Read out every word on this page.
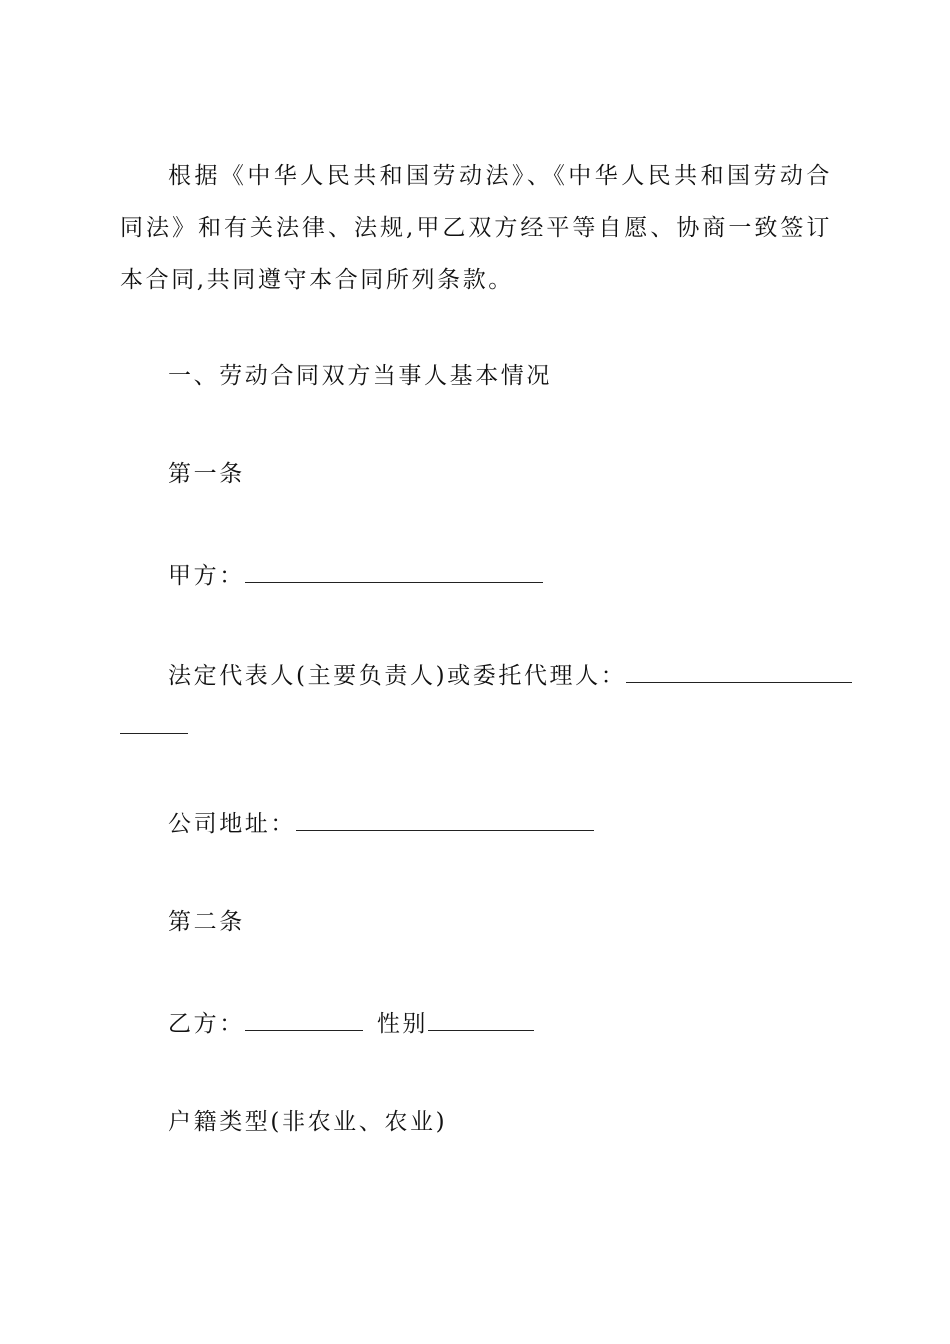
根据《中华人民共和国劳动法》、《中华人民共和国劳动合同法》和有关法律、法规,甲乙双方经平等自愿、协商一致签订本合同,共同遵守本合同所列条款。

一、劳动合同双方当事人基本情况

第一条

甲方：

法定代表人(主要负责人)或委托代理人：

公司地址：

第二条

乙方：	性别

户籍类型(非农业、农业)
